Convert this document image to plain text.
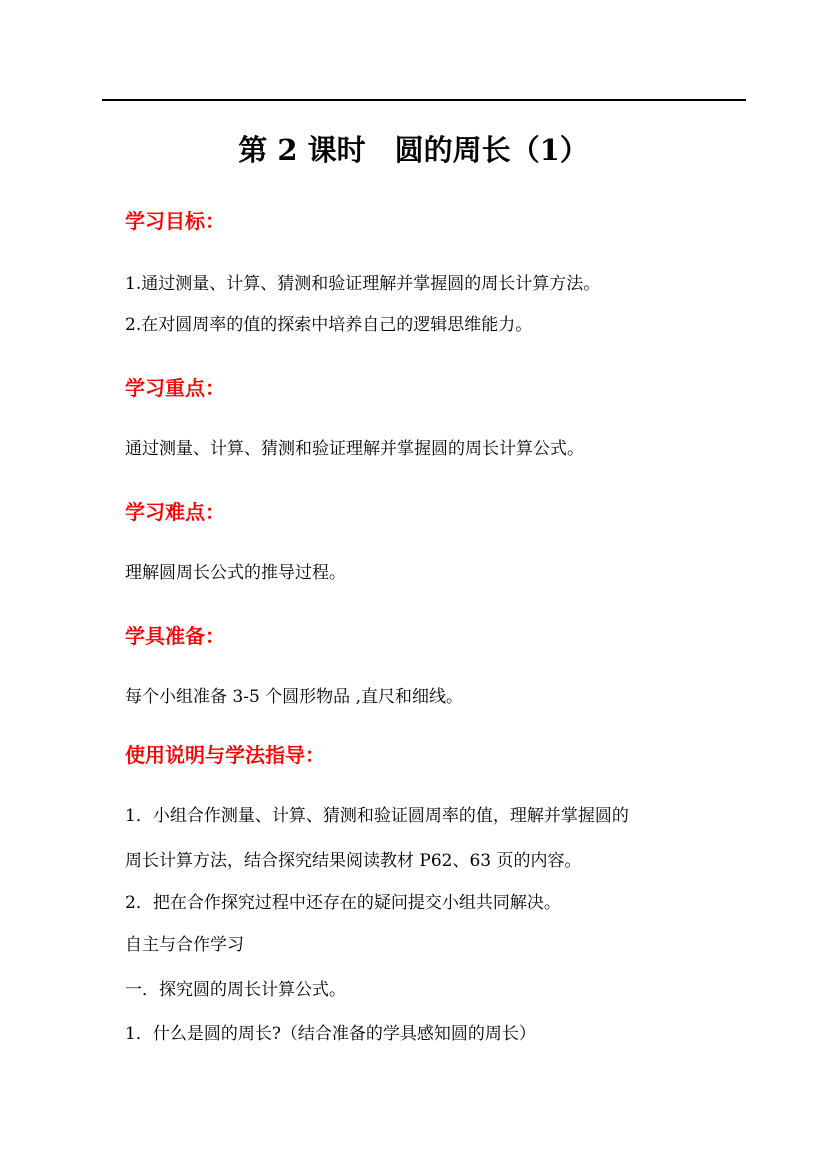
第 2 课时　圆的周长（1）
学习目标：
1.通过测量、计算、猜测和验证理解并掌握圆的周长计算方法。
2.在对圆周率的值的探索中培养自己的逻辑思维能力。
学习重点：
通过测量、计算、猜测和验证理解并掌握圆的周长计算公式。
学习难点：
理解圆周长公式的推导过程。
学具准备：
每个小组准备 3-5 个圆形物品 ,直尺和细线。
使用说明与学法指导：
1．小组合作测量、计算、猜测和验证圆周率的值，理解并掌握圆的
周长计算方法，结合探究结果阅读教材 P62、63 页的内容。
2．把在合作探究过程中还存在的疑问提交小组共同解决。
自主与合作学习
一．探究圆的周长计算公式。
1．什么是圆的周长?（结合准备的学具感知圆的周长）
